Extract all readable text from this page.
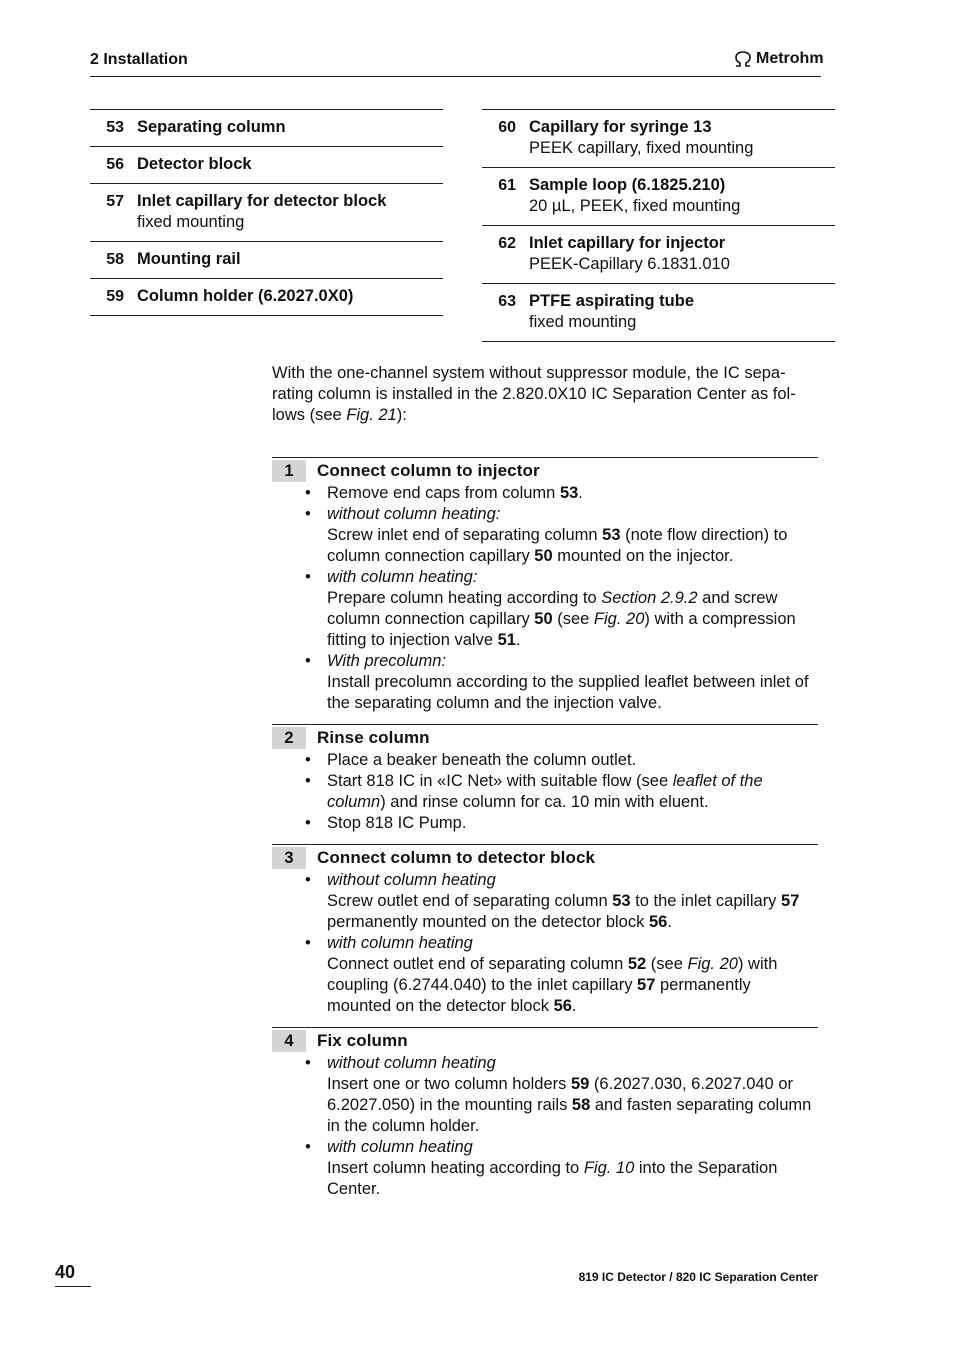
2 Installation	Metrohm
53 Separating column
56 Detector block
57 Inlet capillary for detector block
fixed mounting
58 Mounting rail
59 Column holder (6.2027.0X0)
60 Capillary for syringe 13
PEEK capillary, fixed mounting
61 Sample loop (6.1825.210)
20 µL, PEEK, fixed mounting
62 Inlet capillary for injector
PEEK-Capillary 6.1831.010
63 PTFE aspirating tube
fixed mounting
With the one-channel system without suppressor module, the IC sepa-rating column is installed in the 2.820.0X10 IC Separation Center as fol-lows (see Fig. 21):
1	Connect column to injector
• Remove end caps from column 53.
• without column heating:
Screw inlet end of separating column 53 (note flow direction) to column connection capillary 50 mounted on the injector.
• with column heating:
Prepare column heating according to Section 2.9.2 and screw column connection capillary 50 (see Fig. 20) with a compression fitting to injection valve 51.
• With precolumn:
Install precolumn according to the supplied leaflet between inlet of the separating column and the injection valve.
2	Rinse column
• Place a beaker beneath the column outlet.
• Start 818 IC in «IC Net» with suitable flow (see leaflet of the column) and rinse column for ca. 10 min with eluent.
• Stop 818 IC Pump.
3	Connect column to detector block
• without column heating
Screw outlet end of separating column 53 to the inlet capillary 57 permanently mounted on the detector block 56.
• with column heating
Connect outlet end of separating column 52 (see Fig. 20) with coupling (6.2744.040) to the inlet capillary 57 permanently mounted on the detector block 56.
4	Fix column
• without column heating
Insert one or two column holders 59 (6.2027.030, 6.2027.040 or 6.2027.050) in the mounting rails 58 and fasten separating column in the column holder.
• with column heating
Insert column heating according to Fig. 10 into the Separation Center.
40	819 IC Detector / 820 IC Separation Center
